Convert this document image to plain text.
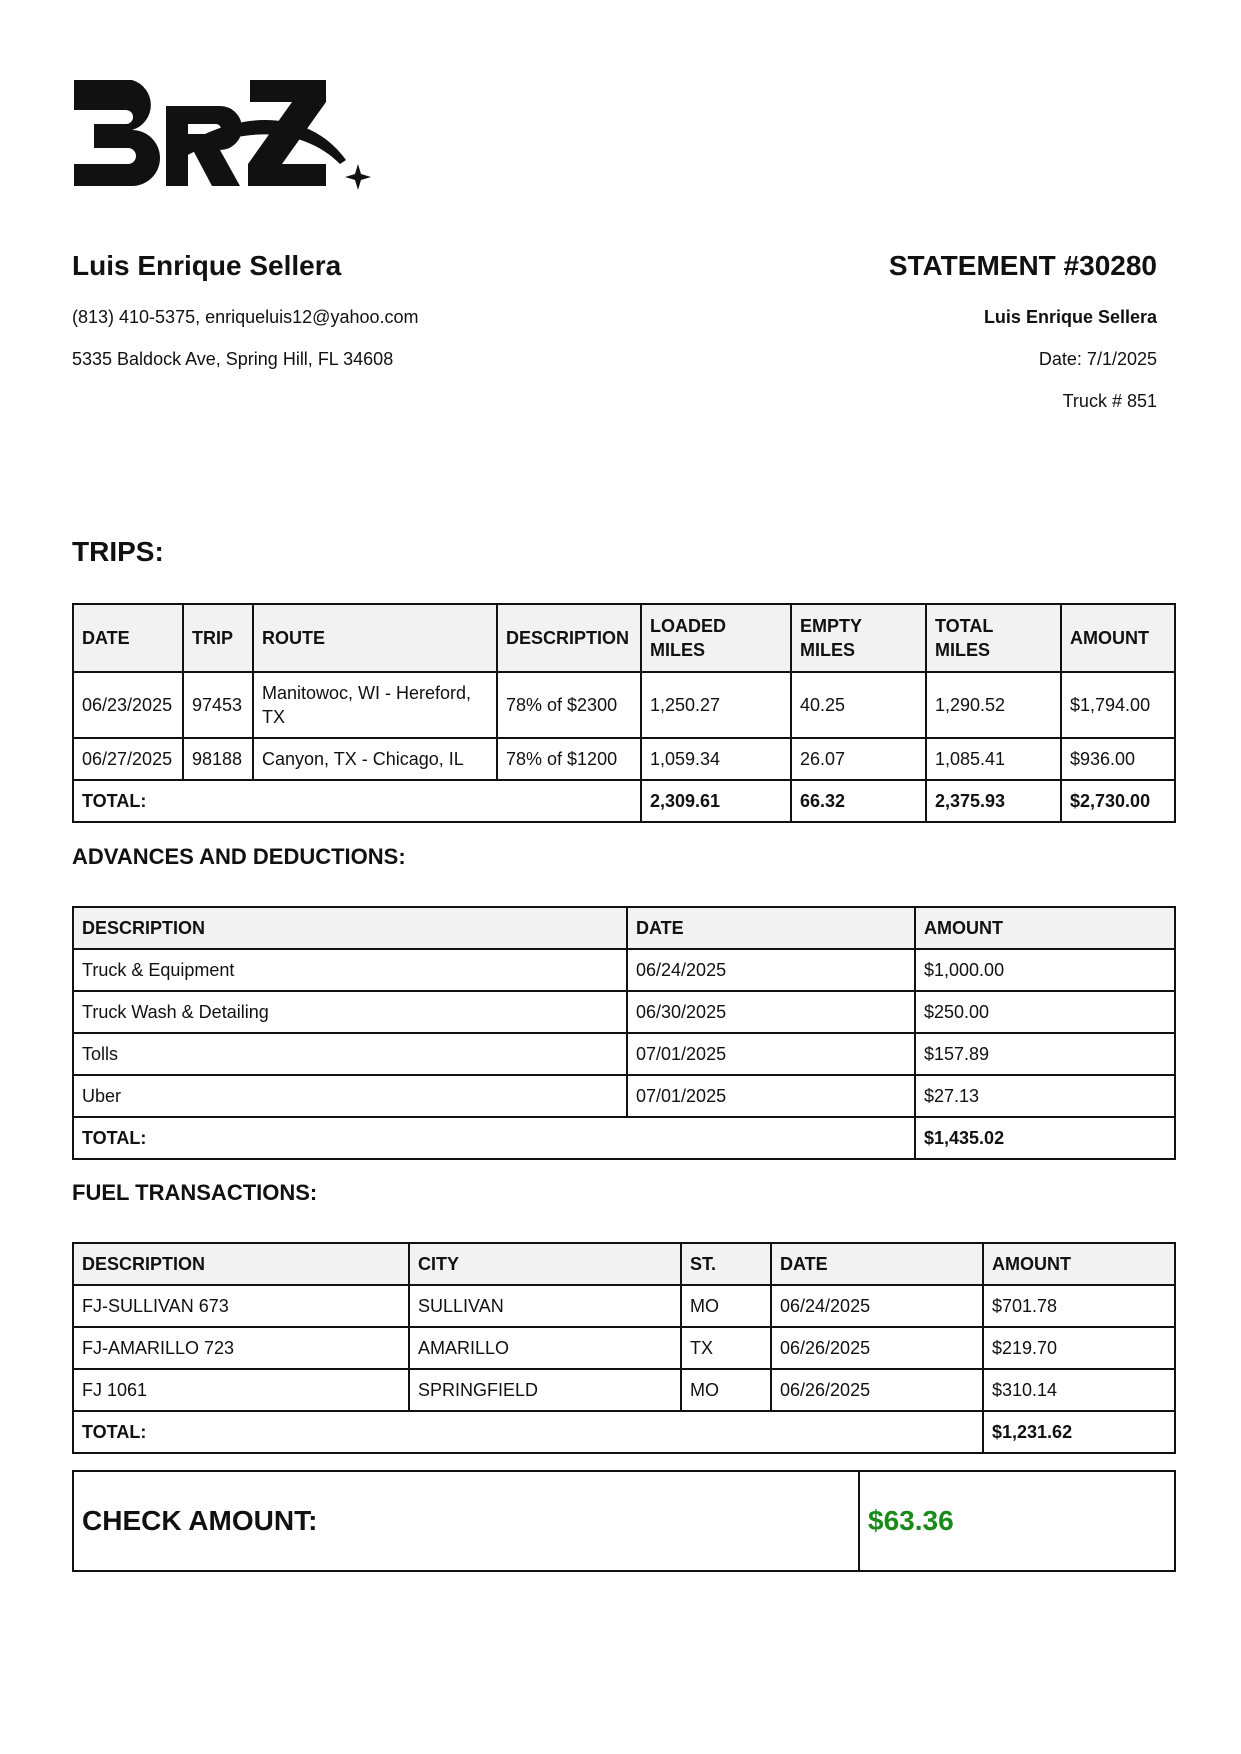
Luis Enrique Sellera

(813) 410-5375, enriqueluis12@yahoo.com

5335 Baldock Ave, Spring Hill, FL 34608

STATEMENT #30280

Luis Enrique Sellera

Date: 7/1/2025

Truck # 851

TRIPS:

DATE	TRIP	ROUTE	DESCRIPTION	LOADED MILES	EMPTY MILES	TOTAL MILES	AMOUNT
06/23/2025	97453	Manitowoc, WI - Hereford, TX	78% of $2300	1,250.27	40.25	1,290.52	$1,794.00
06/27/2025	98188	Canyon, TX - Chicago, IL	78% of $1200	1,059.34	26.07	1,085.41	$936.00
TOTAL:				2,309.61	66.32	2,375.93	$2,730.00

ADVANCES AND DEDUCTIONS:

DESCRIPTION	DATE	AMOUNT
Truck & Equipment	06/24/2025	$1,000.00
Truck Wash & Detailing	06/30/2025	$250.00
Tolls	07/01/2025	$157.89
Uber	07/01/2025	$27.13
TOTAL:		$1,435.02

FUEL TRANSACTIONS:

DESCRIPTION	CITY	ST.	DATE	AMOUNT
FJ-SULLIVAN 673	SULLIVAN	MO	06/24/2025	$701.78
FJ-AMARILLO 723	AMARILLO	TX	06/26/2025	$219.70
FJ 1061	SPRINGFIELD	MO	06/26/2025	$310.14
TOTAL:				$1,231.62
CHECK AMOUNT:	$63.36
